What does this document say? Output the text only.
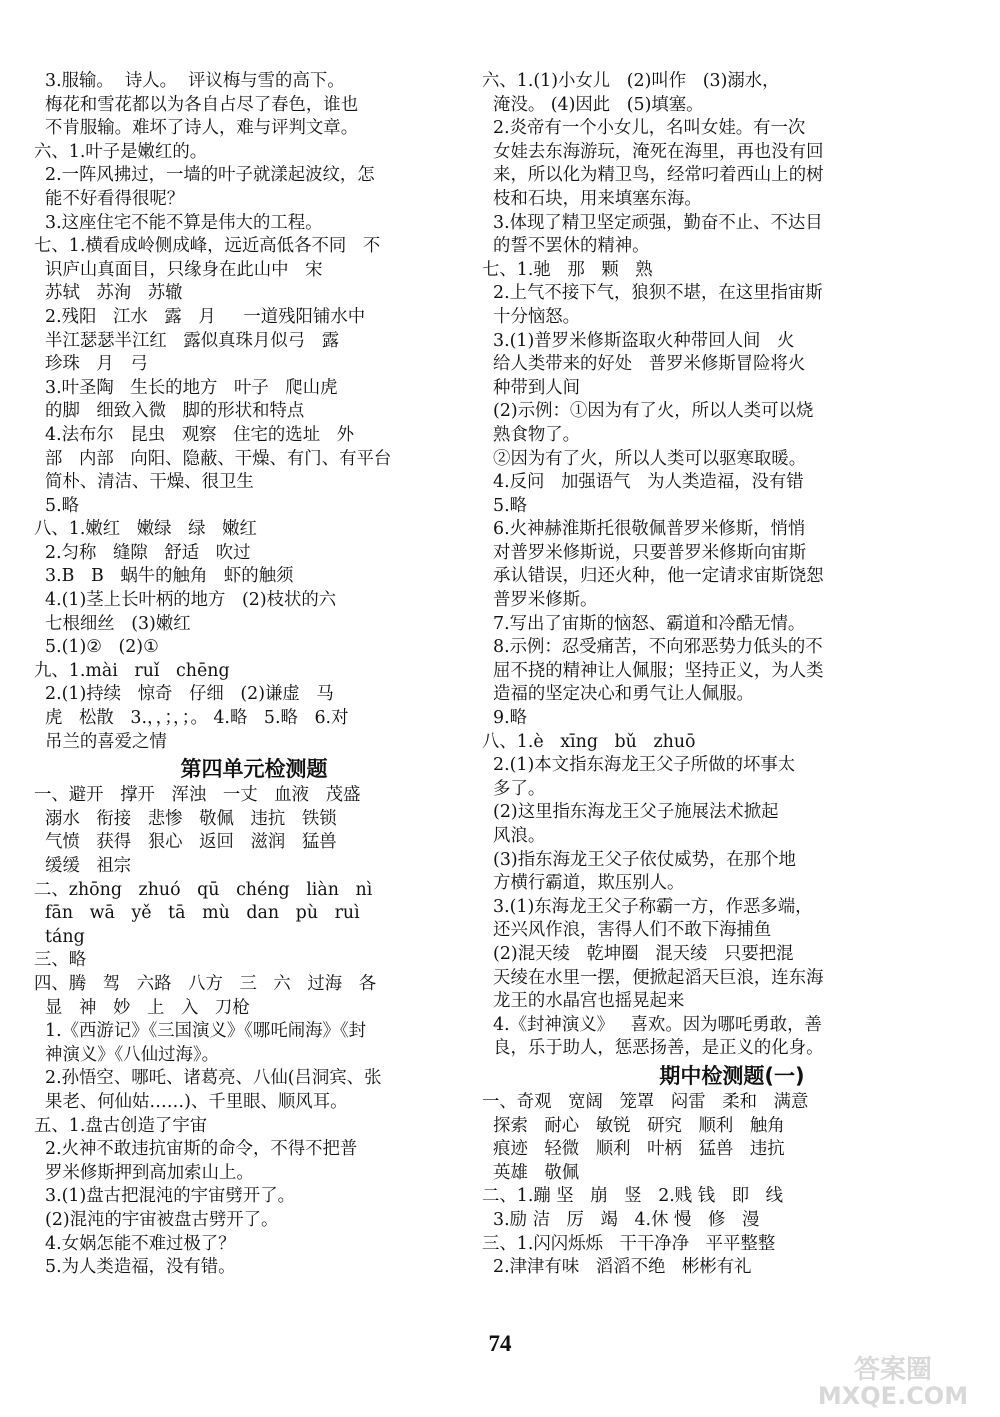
3.服输。  诗人。  评议梅与雪的高下。
梅花和雪花都以为各自占尽了春色，谁也
不肯服输。难坏了诗人，难与评判文章。
六、1.叶子是嫩红的。
2.一阵风拂过，一墙的叶子就漾起波纹，怎
能不好看得很呢？
3.这座住宅不能不算是伟大的工程。
七、1.横看成岭侧成峰，远近高低各不同   不
识庐山真面目，只缘身在此山中   宋
苏轼   苏洵   苏辙
2.残阳   江水   露   月     一道残阳铺水中
半江瑟瑟半江红   露似真珠月似弓   露
珍珠   月   弓
3.叶圣陶   生长的地方   叶子   爬山虎
的脚   细致入微   脚的形状和特点
4.法布尔   昆虫   观察   住宅的选址   外
部   内部   向阳、隐蔽、干燥、有门、有平台
简朴、清洁、干燥、很卫生
5.略
八、1.嫩红   嫩绿   绿   嫩红
2.匀称   缝隙   舒适   吹过
3.B   B   蜗牛的触角   虾的触须
4.(1)茎上长叶柄的地方   (2)枝状的六
七根细丝   (3)嫩红
5.(1)②   (2)①
九、1.mài   ruǐ   chēng
2.(1)持续   惊奇   仔细   (2)谦虚   马
虎   松散   3.，，；，；。 4.略   5.略   6.对
吊兰的喜爱之情
第四单元检测题
一、避开   撑开   浑浊   一丈   血液   茂盛
溺水   衔接   悲惨   敬佩   违抗   铁锁
气愤   获得   狠心   返回   滋润   猛兽
缓缓   祖宗
二、zhōng   zhuó   qū   chéng   liàn   nì
fān   wā   yě   tā   mù   dan   pù   ruì
táng
三、略
四、腾   驾   六路   八方   三   六   过海   各
显   神   妙   上   入   刀枪
1.《西游记》《三国演义》《哪吒闹海》《封
神演义》《八仙过海》。
2.孙悟空、哪吒、诸葛亮、八仙(吕洞宾、张
果老、何仙姑……)、千里眼、顺风耳。
五、1.盘古创造了宇宙
2.火神不敢违抗宙斯的命令，不得不把普
罗米修斯押到高加索山上。
3.(1)盘古把混沌的宇宙劈开了。
(2)混沌的宇宙被盘古劈开了。
4.女娲怎能不难过极了？
5.为人类造福，没有错。
六、1.(1)小女儿   (2)叫作   (3)溺水，
淹没。 (4)因此   (5)填塞。
2.炎帝有一个小女儿，名叫女娃。有一次
女娃去东海游玩，淹死在海里，再也没有回
来，所以化为精卫鸟，经常叼着西山上的树
枝和石块，用来填塞东海。
3.体现了精卫坚定顽强，勤奋不止、不达目
的誓不罢休的精神。
七、1.驰   那   颗   熟
2.上气不接下气，狼狈不堪，在这里指宙斯
十分恼怒。
3.(1)普罗米修斯盗取火种带回人间   火
给人类带来的好处   普罗米修斯冒险将火
种带到人间
(2)示例：①因为有了火，所以人类可以烧
熟食物了。
②因为有了火，所以人类可以驱寒取暖。
4.反问   加强语气   为人类造福，没有错
5.略
6.火神赫淮斯托很敬佩普罗米修斯，悄悄
对普罗米修斯说，只要普罗米修斯向宙斯
承认错误，归还火种，他一定请求宙斯饶恕
普罗米修斯。
7.写出了宙斯的恼怒、霸道和冷酷无情。
8.示例：忍受痛苦，不向邪恶势力低头的不
屈不挠的精神让人佩服；坚持正义，为人类
造福的坚定决心和勇气让人佩服。
9.略
八、1.è   xīng   bǔ   zhuō
2.(1)本文指东海龙王父子所做的坏事太
多了。
(2)这里指东海龙王父子施展法术掀起
风浪。
(3)指东海龙王父子依仗威势，在那个地
方横行霸道，欺压别人。
3.(1)东海龙王父子称霸一方，作恶多端，
还兴风作浪，害得人们不敢下海捕鱼
(2)混天绫   乾坤圈   混天绫   只要把混
天绫在水里一摆，便掀起滔天巨浪，连东海
龙王的水晶宫也摇晃起来
4.《封神演义》   喜欢。因为哪吒勇敢，善
良，乐于助人，惩恶扬善，是正义的化身。
期中检测题(一)
一、奇观   宽阔   笼罩   闷雷   柔和   满意
探索   耐心   敏锐   研究   顺利   触角
痕迹   轻微   顺利   叶柄   猛兽   违抗
英雄   敬佩
二、1.蹦 坚   崩   竖   2.贱 钱   即   线
3.励 洁   厉   竭   4.休 慢   修   漫
三、1.闪闪烁烁   干干净净   平平整整
2.津津有味   滔滔不绝   彬彬有礼
74
答案圈
MXQE.COM
